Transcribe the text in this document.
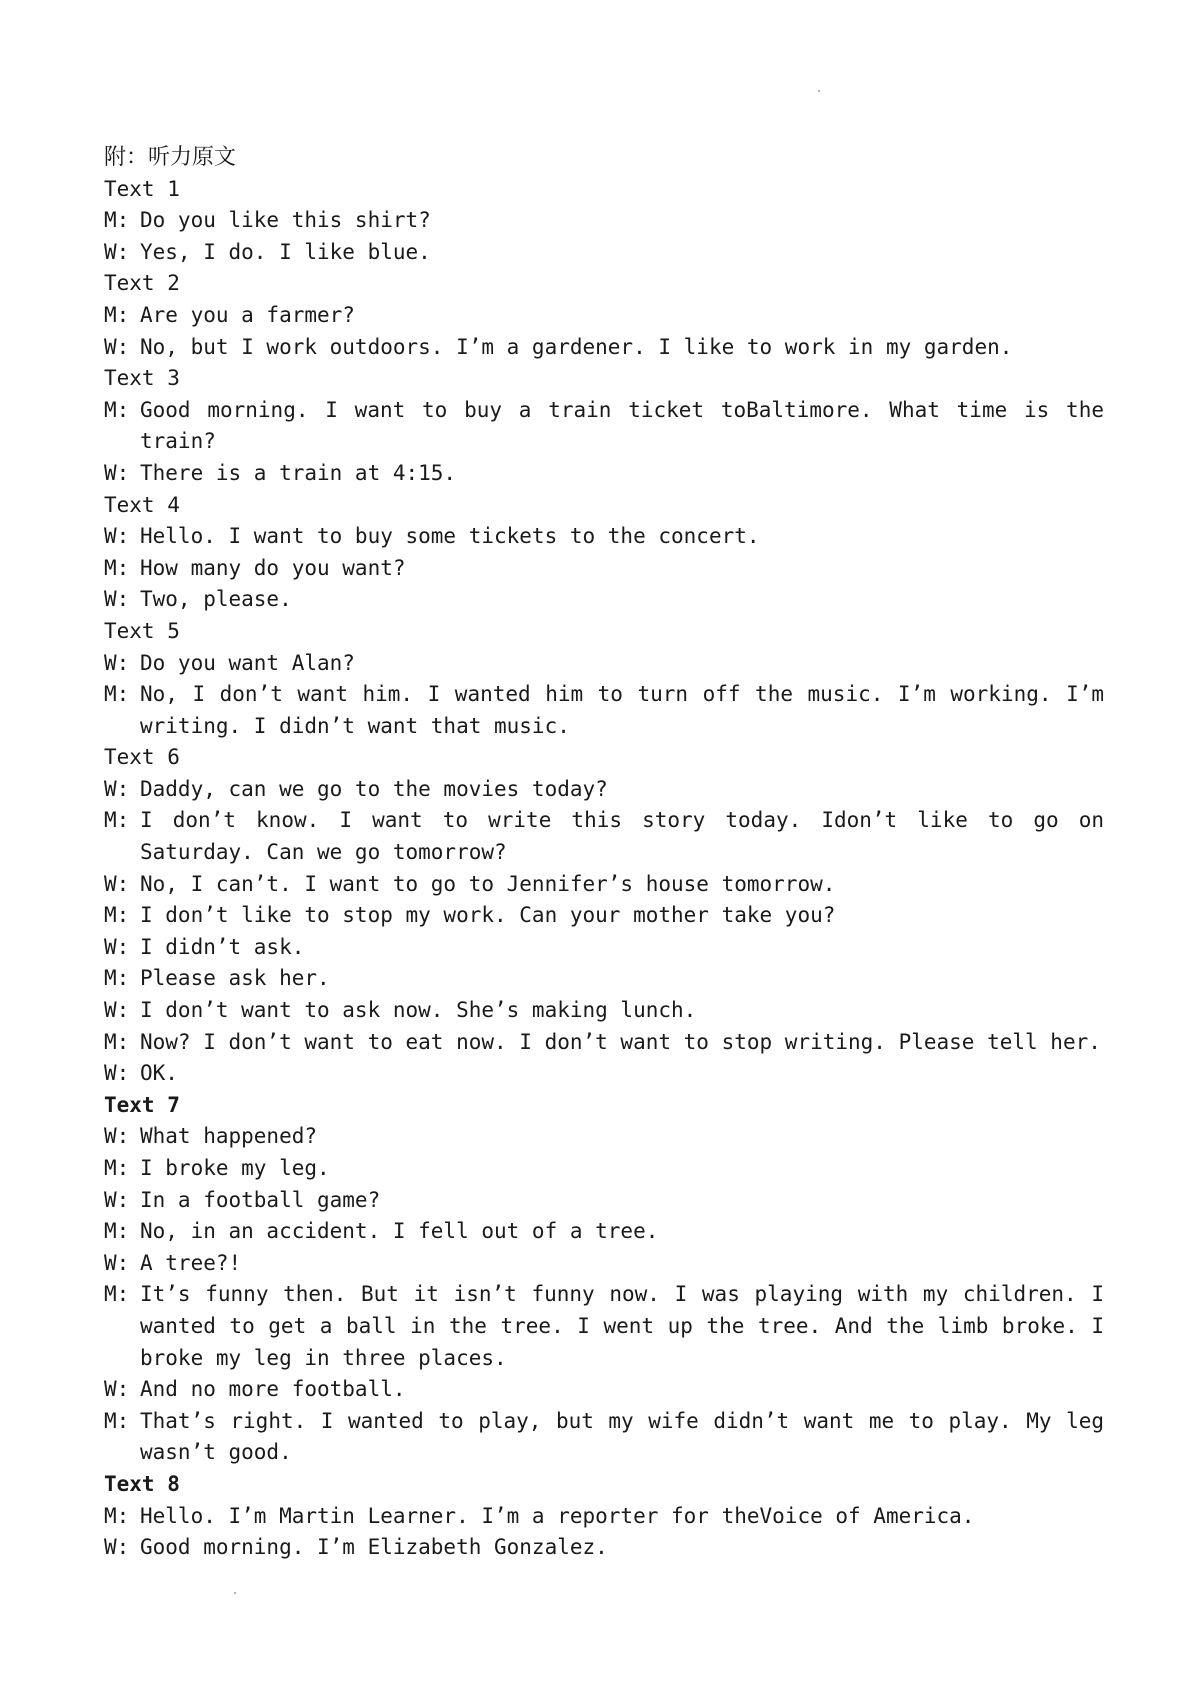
附：听力原文
Text 1
M: Do you like this shirt?
W: Yes, I do. I like blue.
Text 2
M: Are you a farmer?
W: No, but I work outdoors. I’m a gardener. I like to work in my garden.
Text 3
M: Good morning. I want to buy a train ticket toBaltimore. What time is the train?
W: There is a train at 4:15.
Text 4
W: Hello. I want to buy some tickets to the concert.
M: How many do you want?
W: Two, please.
Text 5
W: Do you want Alan?
M: No, I don’t want him. I wanted him to turn off the music. I’m working. I’m writing. I didn’t want that music.
Text 6
W: Daddy, can we go to the movies today?
M: I don’t know. I want to write this story today. Idon’t like to go on Saturday. Can we go tomorrow?
W: No, I can’t. I want to go to Jennifer’s house tomorrow.
M: I don’t like to stop my work. Can your mother take you?
W: I didn’t ask.
M: Please ask her.
W: I don’t want to ask now. She’s making lunch.
M: Now? I don’t want to eat now. I don’t want to stop writing. Please tell her.
W: OK.
Text 7
W: What happened?
M: I broke my leg.
W: In a football game?
M: No, in an accident. I fell out of a tree.
W: A tree?!
M: It’s funny then. But it isn’t funny now. I was playing with my children. I wanted to get a ball in the tree. I went up the tree. And the limb broke. I broke my leg in three places.
W: And no more football.
M: That’s right. I wanted to play, but my wife didn’t want me to play. My leg wasn’t good.
Text 8
M: Hello. I’m Martin Learner. I’m a reporter for theVoice of America.
W: Good morning. I’m Elizabeth Gonzalez.
